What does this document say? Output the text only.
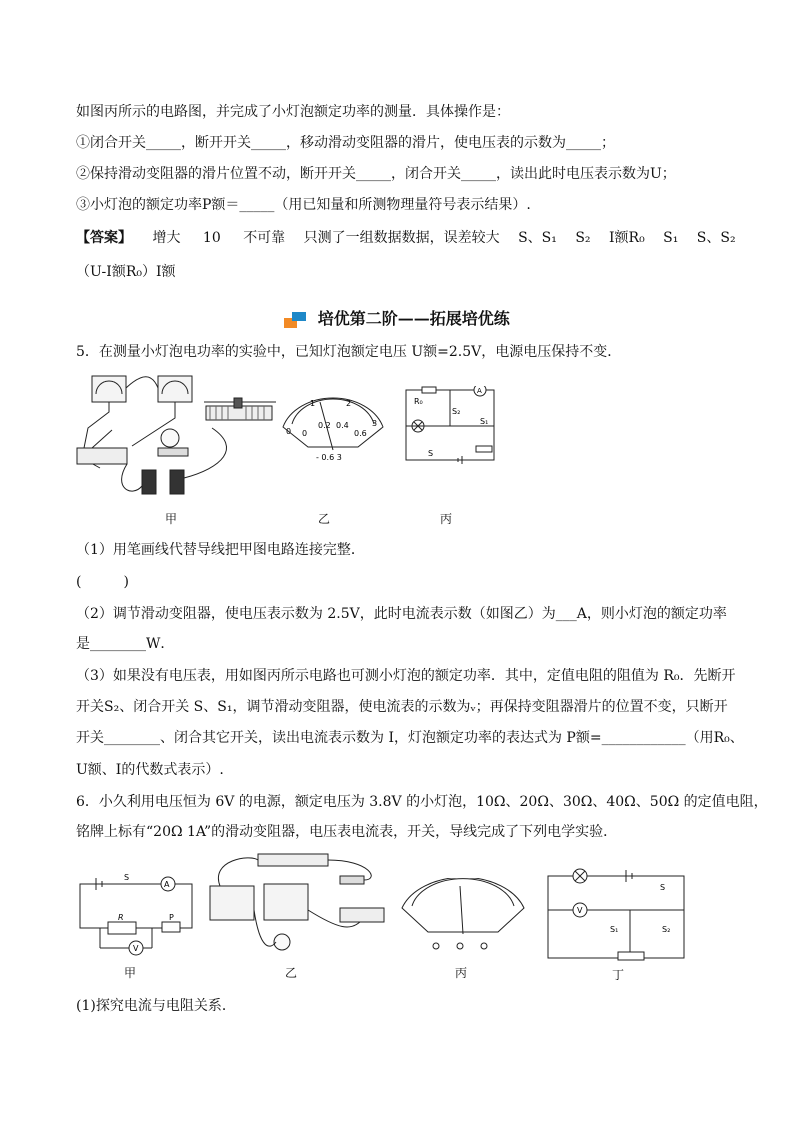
如图丙所示的电路图，并完成了小灯泡额定功率的测量．具体操作是：
①闭合开关_____，断开开关_____，移动滑动变阻器的滑片，使电压表的示数为_____；
②保持滑动变阻器的滑片位置不动，断开开关_____，闭合开关_____，读出此时电压表示数为U；
③小灯泡的额定功率P额＝_____（用已知量和所测物理量符号表示结果）.
【答案】 增大 10 不可靠 只测了一组数据数据，误差较大 S、S₁ S₂ I额R₀ S₁ S、S₂
（U-I额R₀）I额
培优第二阶——拓展培优练
5．在测量小灯泡电功率的实验中，已知灯泡额定电压 U额=2.5V，电源电压保持不变．
0
1	2
3
0
0.2 0.4
0.6
- 0.6 3
R₀
S₂
S₁
S
A
甲	乙	丙
（1）用笔画线代替导线把甲图电路连接完整．
(　　　)
（2）调节滑动变阻器，使电压表示数为 2.5V，此时电流表示数（如图乙）为___A，则小灯泡的额定功率
是________W．
（3）如果没有电压表，用如图丙所示电路也可测小灯泡的额定功率．其中，定值电阻的阻值为 R₀．先断开
开关S₂、闭合开关 S、S₁，调节滑动变阻器，使电流表的示数为ᵥ；再保持变阻器滑片的位置不变，只断开
开关________、闭合其它开关，读出电流表示数为 I，灯泡额定功率的表达式为 P额=____________（用R₀、
U额、I的代数式表示）.
6．小久利用电压恒为 6V 的电源，额定电压为 3.8V 的小灯泡，10Ω、20Ω、30Ω、40Ω、50Ω 的定值电阻，
铭牌上标有“20Ω 1A”的滑动变阻器，电压表电流表，开关，导线完成了下列电学实验．
S
A
R	P
V
S
S₁	S₂
V
甲	乙	丙	丁
(1)探究电流与电阻关系．
